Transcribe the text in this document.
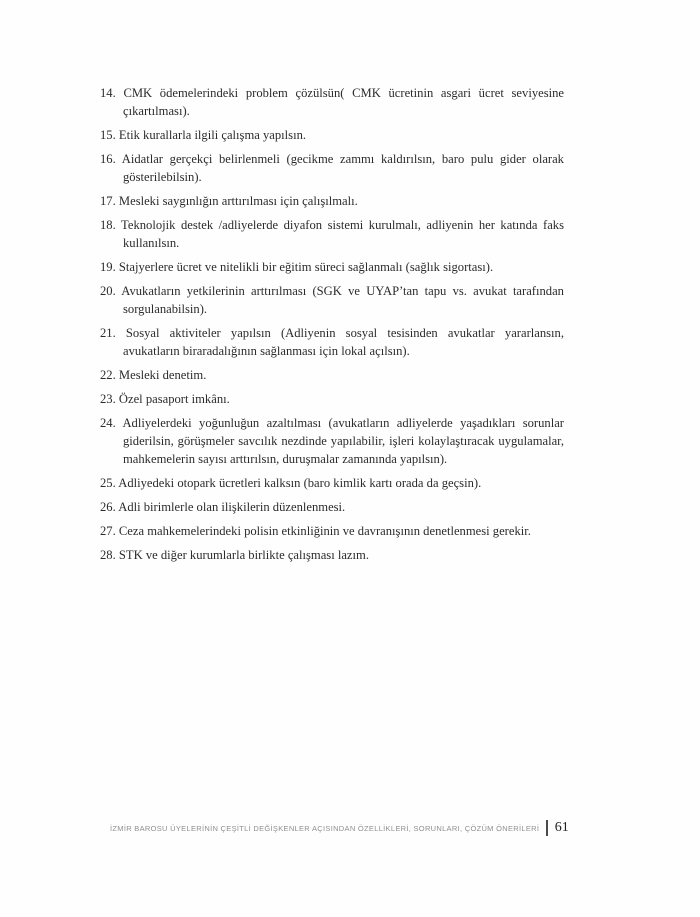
14. CMK ödemelerindeki problem çözülsün( CMK ücretinin asgari ücret seviyesine çıkartılması).
15. Etik kurallarla ilgili çalışma yapılsın.
16. Aidatlar gerçekçi belirlenmeli (gecikme zammı kaldırılsın, baro pulu gider olarak gösterilebilsin).
17. Mesleki saygınlığın arttırılması için çalışılmalı.
18. Teknolojik destek /adliyelerde diyafon sistemi kurulmalı, adliyenin her katında faks kullanılsın.
19. Stajyerlere ücret ve nitelikli bir eğitim süreci sağlanmalı (sağlık sigortası).
20. Avukatların yetkilerinin arttırılması (SGK ve UYAP’tan tapu vs. avukat tarafından sorgulanabilsin).
21. Sosyal aktiviteler yapılsın (Adliyenin sosyal tesisinden avukatlar yararlansın, avukatların biraradalığının sağlanması için lokal açılsın).
22. Mesleki denetim.
23. Özel pasaport imkânı.
24. Adliyelerdeki yoğunluğun azaltılması (avukatların adliyelerde yaşadıkları sorunlar giderilsin, görüşmeler savcılık nezdinde yapılabilir, işleri kolaylaştıracak uygulamalar, mahkemelerin sayısı arttırılsın, duruşmalar zamanında yapılsın).
25. Adliyedeki otopark ücretleri kalksın (baro kimlik kartı orada da geçsin).
26. Adli birimlerle olan ilişkilerin düzenlenmesi.
27. Ceza mahkemelerindeki polisin etkinliğinin ve davranışının denetlenmesi gerekir.
28. STK ve diğer kurumlarla birlikte çalışması lazım.
İZMİR BAROSU ÜYELERİNİN ÇEŞİTLİ DEĞİŞKENLER AÇISINDAN ÖZELLİKLERİ, SORUNLARI, ÇÖZÜM ÖNERİLERİ 61
